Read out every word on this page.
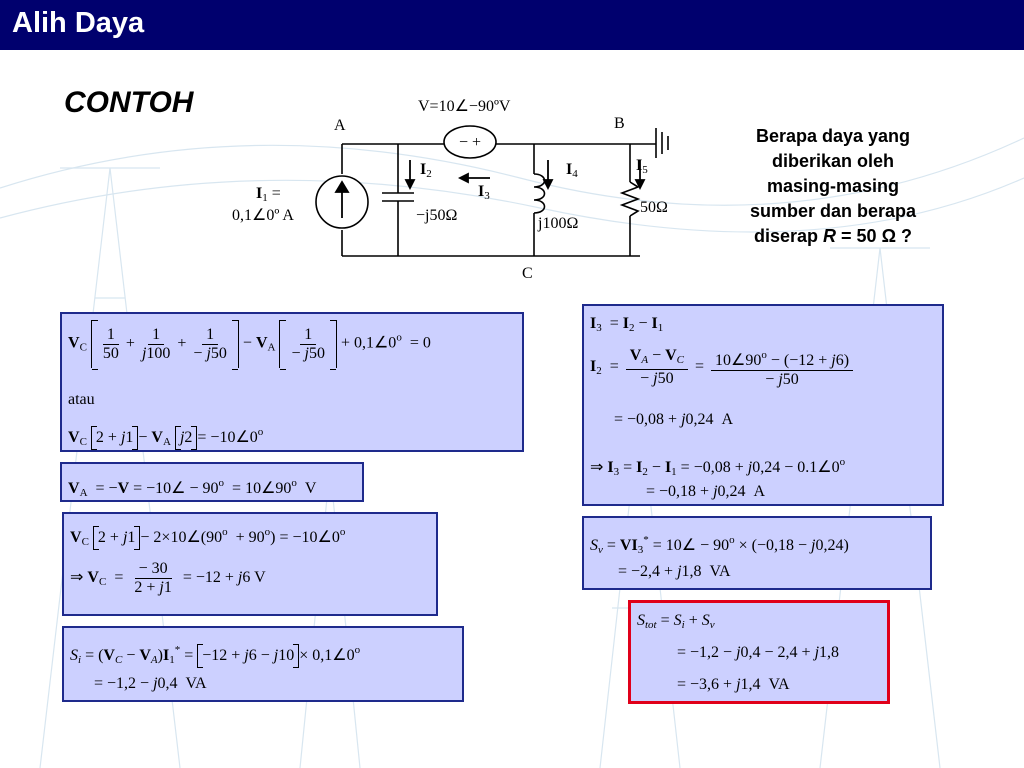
Alih Daya
CONTOH
− +
V=10∠−90ºV
A	B
C
I1 =
0,1∠0º A
I2
I3
I4	I5
−j50Ω	j100Ω
50Ω
Berapa daya yang
diberikan oleh
masing-masing
sumber dan berapa
diserap R = 50 Ω ?
$V_C \frac{1}{50} + \frac{1}{j100} + \frac{1}{- j50} - V_A \frac{1}{- j50}$ + $0,1\angle 0^o = 0$
atau
$V_C$ $2 + j1 - V_A$ $j2 = -10\angle 0^o$
$V_A = -V$ = −10∠ − $90^o$  = $10\angle 90^o$  V
$V_C$ $2 + j1 - 2\times 10\angle(90^o + 90^o)$ = $-10\angle 0^o$
⇒ $V_C = \frac{- 30}{2 + j1} = -12 + j6$ V
$S_i = (V_C - V_A)I_1^* = -12 + j6 - j10$ × $0,1\angle 0^o$
= −1,2 − j0,4  VA
$I_3 = I_2 - I_1$
$I_2 = \frac{V_A - V_C}{- j50} = \frac{10\angle 90^o - (-12 + j6)}{- j50}$
= −0,08 + j0,24  A
⇒ $I_3 = I_2 - I_1 = -0,08 + j0,24$ − $0.1\angle 0^o$
= −0,18 + j0,24  A
$S_v = VI_3^*$ = 10∠ − $90^o \times (-0,18 - j0,24)$
= −2,4 + j1,8  VA
$S_{tot} = S_i + S_v$
= −1,2 − j0,4 − 2,4 + j1,8
= −3,6 + j1,4  VA
